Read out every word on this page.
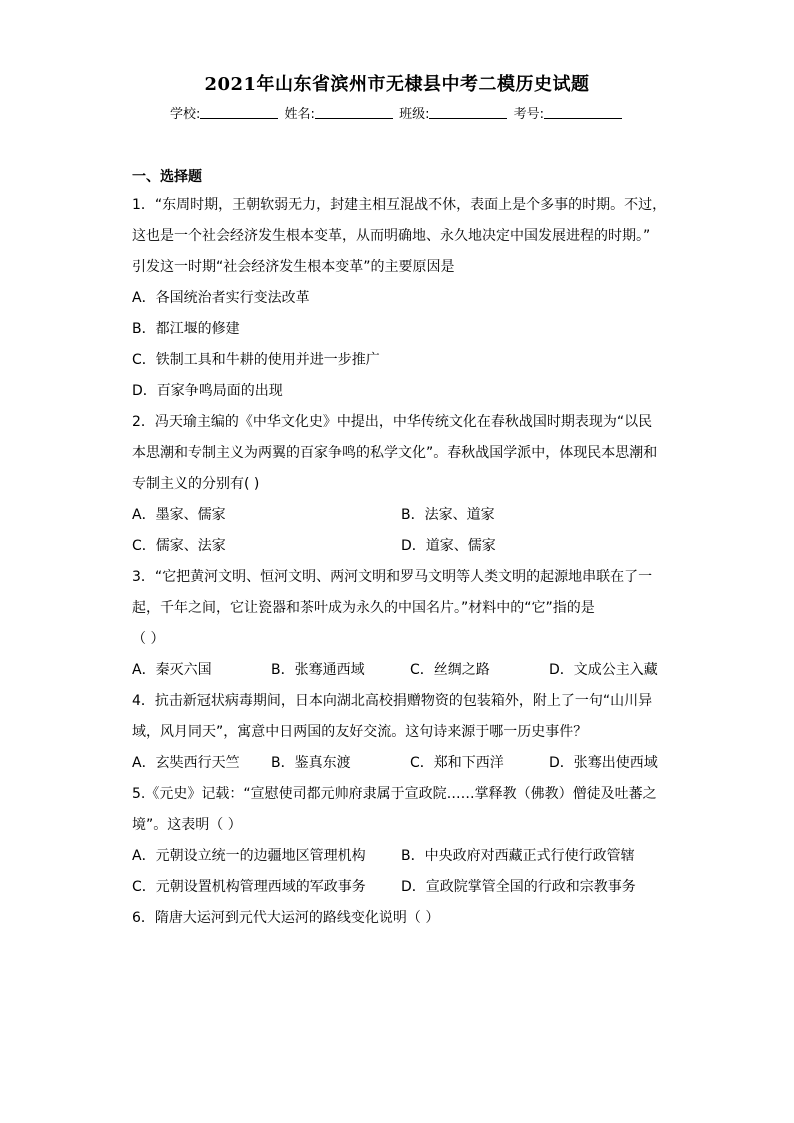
2021年山东省滨州市无棣县中考二模历史试题
学校:	姓名:	班级:	考号:
一、选择题

1．“东周时期，王朝软弱无力，封建主相互混战不休，表面上是个多事的时期。不过，

这也是一个社会经济发生根本变革，从而明确地、永久地决定中国发展进程的时期。”

引发这一时期“社会经济发生根本变革”的主要原因是

A．各国统治者实行变法改革

B．都江堰的修建

C．铁制工具和牛耕的使用并进一步推广

D．百家争鸣局面的出现

2．冯天瑜主编的《中华文化史》中提出，中华传统文化在春秋战国时期表现为“以民

本思潮和专制主义为两翼的百家争鸣的私学文化”。春秋战国学派中，体现民本思潮和

专制主义的分别有( )

A．墨家、儒家	B．法家、道家
C．儒家、法家	D．道家、儒家

3．“它把黄河文明、恒河文明、两河文明和罗马文明等人类文明的起源地串联在了一

起，千年之间，它让瓷器和茶叶成为永久的中国名片。”材料中的“它”指的是

（ ）

A．秦灭六国	B．张骞通西域	C．丝绸之路	D．文成公主入藏

4．抗击新冠状病毒期间，日本向湖北高校捐赠物资的包装箱外，附上了一句“山川异

域，风月同天”，寓意中日两国的友好交流。这句诗来源于哪一历史事件？

A．玄奘西行天竺	B．鉴真东渡	C．郑和下西洋	D．张骞出使西域

5.《元史》记载：“宣慰使司都元帅府隶属于宣政院……掌释教（佛教）僧徒及吐蕃之

境”。这表明（ ）

A．元朝设立统一的边疆地区管理机构	B．中央政府对西藏正式行使行政管辖
C．元朝设置机构管理西域的军政事务	D．宣政院掌管全国的行政和宗教事务

6．隋唐大运河到元代大运河的路线变化说明（ ）
